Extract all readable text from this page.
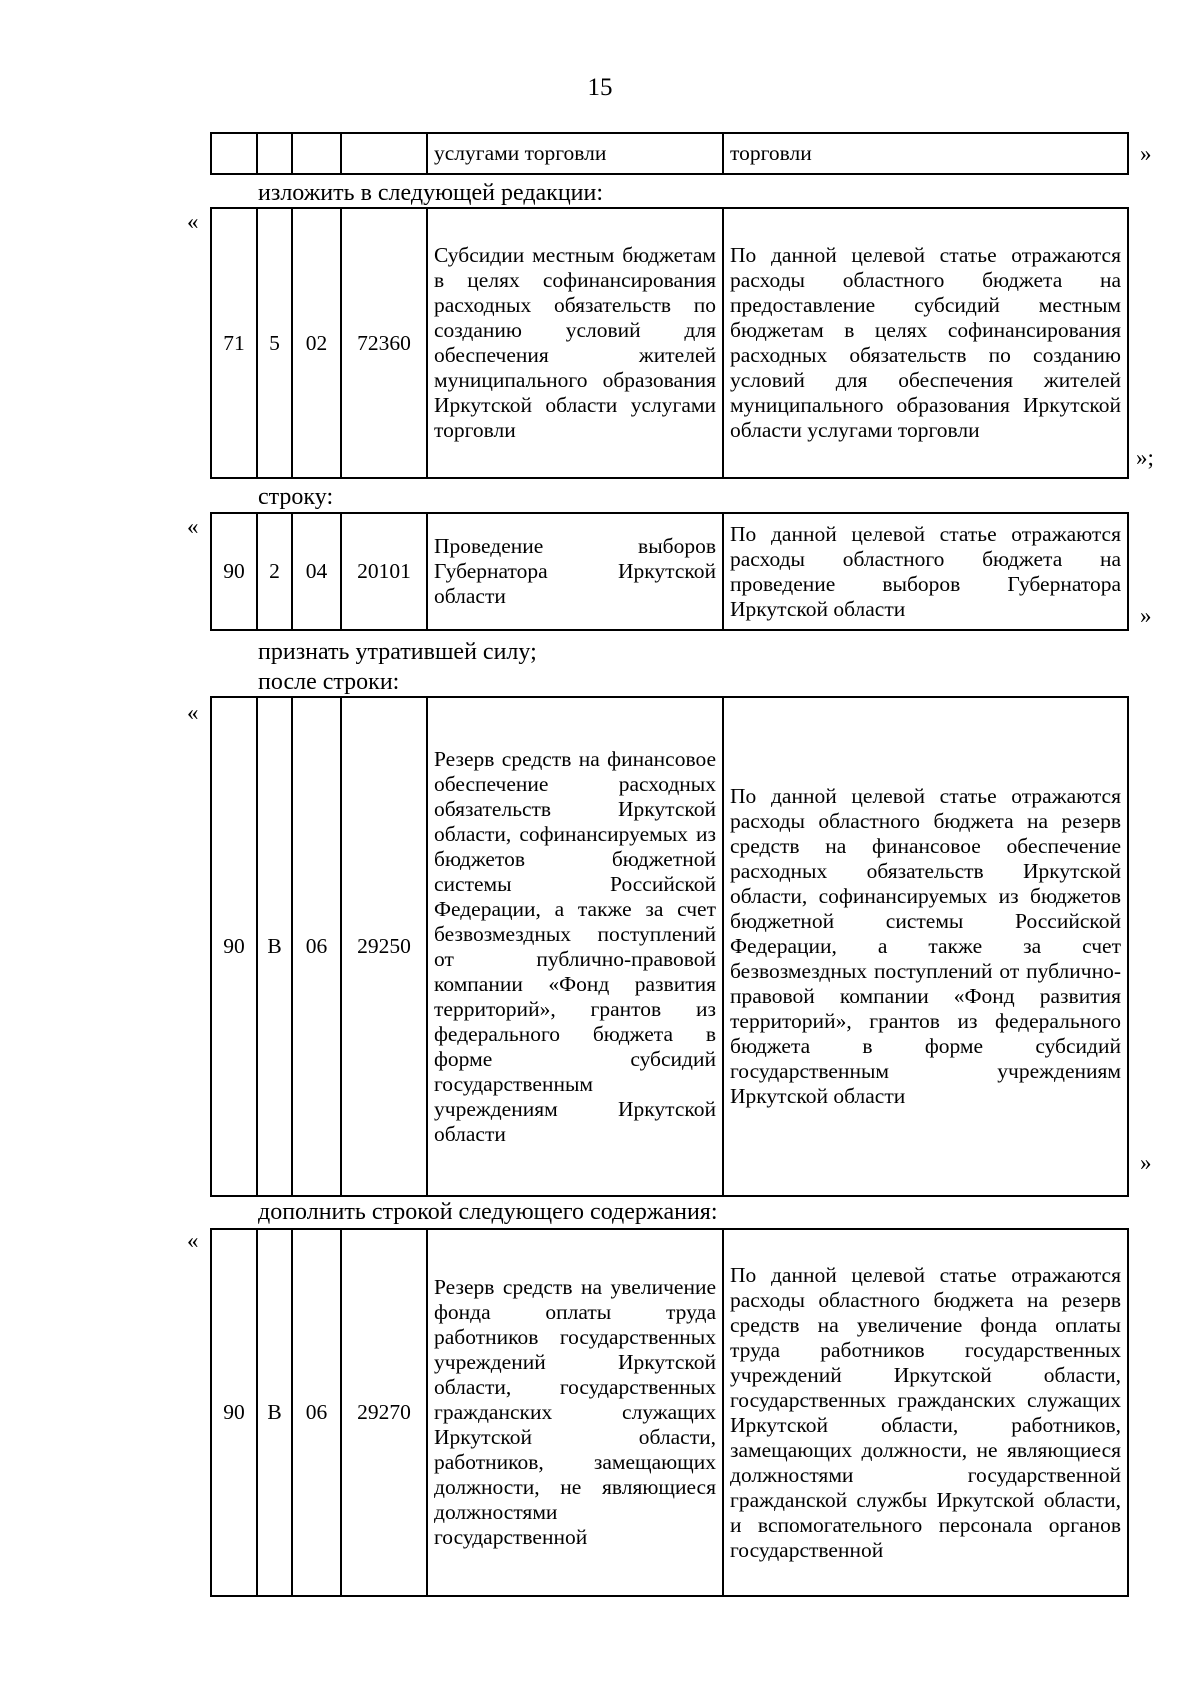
15
				услугами торговли	торговли	»
изложить в следующей редакции:
«
71	5	02	72360	Субсидии местным бюджетам в целях софинансирования расходных обязательств по созданию условий для обеспечения жителей муниципального образования Иркутской области услугами торговли	По данной целевой статье отражаются расходы областного бюджета на предоставление субсидий местным бюджетам в целях софинансирования расходных обязательств по созданию условий для обеспечения жителей муниципального образования Иркутской области услугами торговли
»;
строку:
«
90	2	04	20101	Проведение выборов Губернатора Иркутской области	По данной целевой статье отражаются расходы областного бюджета на проведение выборов Губернатора Иркутской области	»
признать утратившей силу;
после строки:
«
90	В	06	29250	Резерв средств на финансовое обеспечение расходных обязательств Иркутской области, софинансируемых из бюджетов бюджетной системы Российской Федерации, а также за счет безвозмездных поступлений от публично-правовой компании «Фонд развития территорий», грантов из федерального бюджета в форме субсидий государственным учреждениям Иркутской области	По данной целевой статье отражаются расходы областного бюджета на резерв средств на финансовое обеспечение расходных обязательств Иркутской области, софинансируемых из бюджетов бюджетной системы Российской Федерации, а также за счет безвозмездных поступлений от публично-правовой компании «Фонд развития территорий», грантов из федерального бюджета в форме субсидий государственным учреждениям Иркутской области
»
дополнить строкой следующего содержания:
«
90	В	06	29270	Резерв средств на увеличение фонда оплаты труда работников государственных учреждений Иркутской области, государственных гражданских служащих Иркутской области, работников, замещающих должности, не являющиеся должностями государственной	По данной целевой статье отражаются расходы областного бюджета на резерв средств на увеличение фонда оплаты труда работников государственных учреждений Иркутской области, государственных гражданских служащих Иркутской области, работников, замещающих должности, не являющиеся должностями государственной гражданской службы Иркутской области, и вспомогательного персонала органов государственной
